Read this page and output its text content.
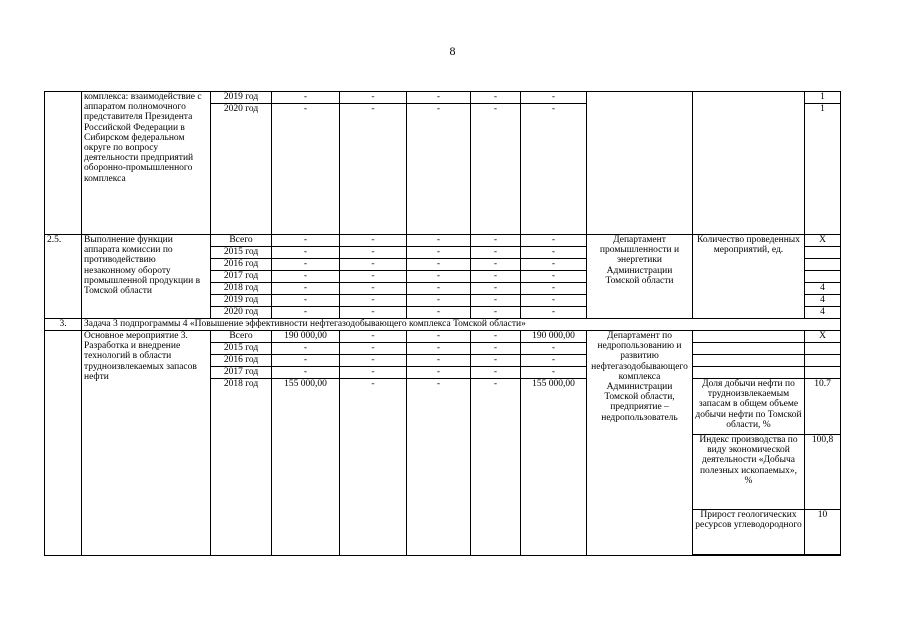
8
	комплекса: взаимодействие с аппаратом полномочного представителя Президента Российской Федерации в Сибирском федеральном округе по вопросу деятельности предприятий оборонно-промышленного комплекса	2019 год	-	-	-	-	-			1
		2020 год	-	-	-	-	-			1
2.5.	Выполнение функции аппарата комиссии по противодействию незаконному обороту промышленной продукции в Томской области	Всего	-	-	-	-	-	Департамент промышленности и энергетики Администрации Томской области	Количество проведенных мероприятий, ед.	Х
		2015 год	-	-	-	-	-			
		2016 год	-	-	-	-	-			
		2017 год	-	-	-	-	-			
		2018 год	-	-	-	-	-			4
		2019 год	-	-	-	-	-			4
		2020 год	-	-	-	-	-			4
3.	Задача 3 подпрограммы 4 «Повышение эффективности нефтегазодобывающего комплекса Томской области»									
	Основное мероприятие 3. Разработка и внедрение технологий в области трудноизвлекаемых запасов нефти	Всего	190 000,00	-	-	-	190 000,00	Департамент по недропользованию и развитию нефтегазодобывающего комплекса Администрации Томской области, предприятие – недропользователь		Х
		2015 год	-	-	-	-	-			
		2016 год	-	-	-	-	-			
		2017 год	-	-	-	-	-			
		2018 год	155 000,00	-	-	-	155 000,00		Доля добычи нефти по трудноизвлекаемым запасам в общем объеме добычи нефти по Томской области, %	10.7
									Индекс производства по виду экономической деятельности «Добыча полезных ископаемых», %	100,8
									Прирост геологических ресурсов углеводородного	10
